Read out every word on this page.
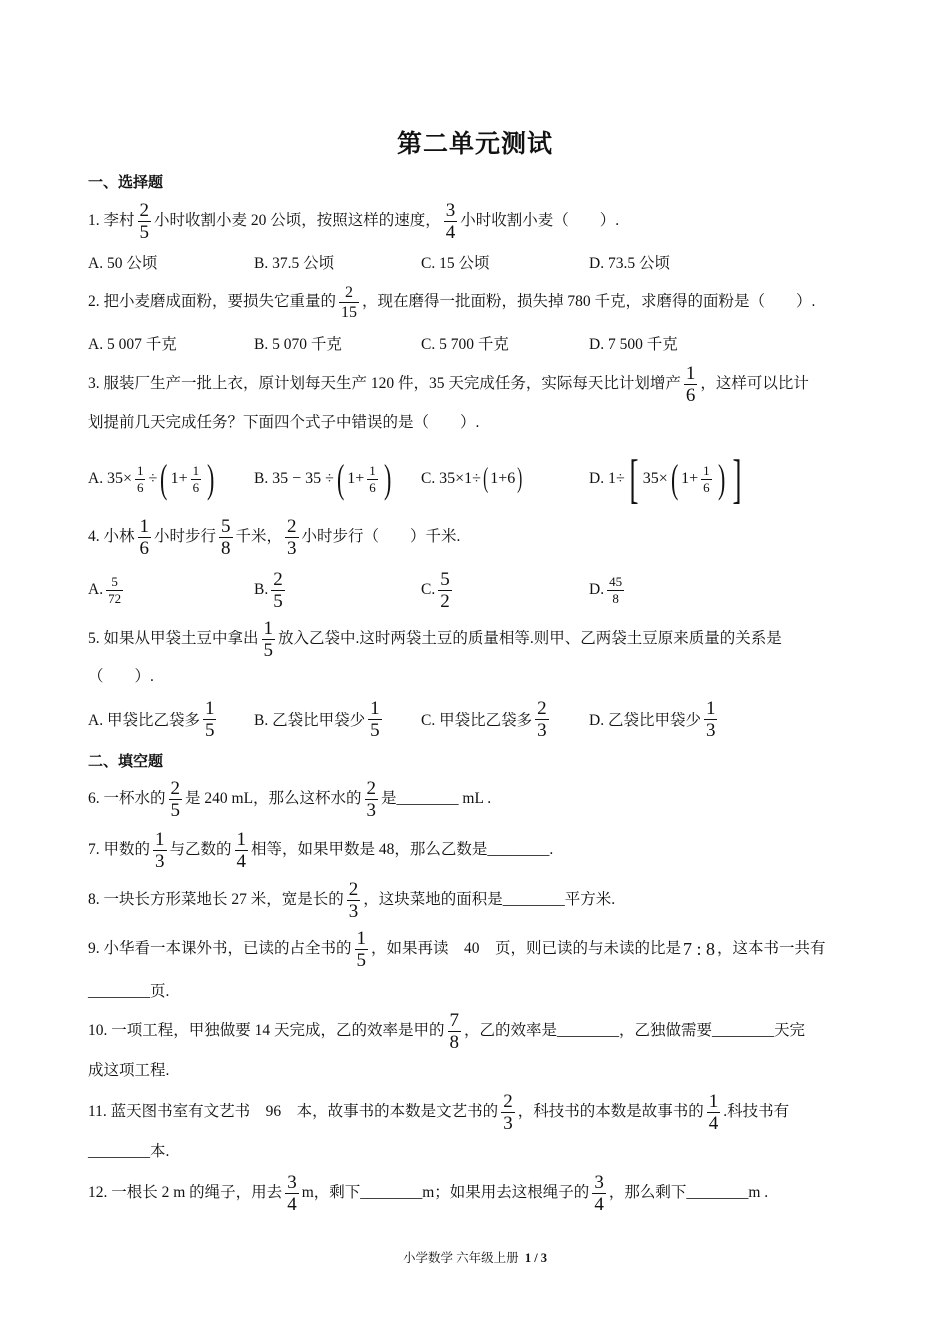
第二单元测试
一、选择题
1. 李村 $\frac{2}{5}$ 小时收割小麦 20 公顷，按照这样的速度， $\frac{3}{4}$ 小时收割小麦（　　）.
A. 50 公顷	B. 37.5 公顷	C. 15 公顷	D. 73.5 公顷
2. 把小麦磨成面粉，要损失它重量的 $\frac{2}{15}$ ，现在磨得一批面粉，损失掉 780 千克，求磨得的面粉是（　　）.
A. 5 007 千克	B. 5 070 千克	C. 5 700 千克	D. 7 500 千克
3. 服装厂生产一批上衣，原计划每天生产 120 件，35 天完成任务，实际每天比计划增产 $\frac{1}{6}$ ，这样可以比计
划提前几天完成任务？下面四个式子中错误的是（　　）.
A.
$35\times \frac{1}{6}$ ÷ ( $1+ \frac{1}{6}$ )	B.
35 − 35 ÷ ( $1+ \frac{1}{6}$ ) C.
35×1÷ ( 1+6 )	D.
1÷ [ 35× ( $1+ \frac{1}{6}$ ) ]
4. 小林 $\frac{1}{6}$ 小时步行 $\frac{5}{8}$ 千米， $\frac{2}{3}$ 小时步行（　　）千米.
A. $\frac{5}{72}$	B. $\frac{2}{5}$	C. $\frac{5}{2}$	D. $\frac{45}{8}$
5. 如果从甲袋土豆中拿出 $\frac{1}{5}$ 放入乙袋中.这时两袋土豆的质量相等.则甲、乙两袋土豆原来质量的关系是
（　　）.
A. 甲袋比乙袋多 $\frac{1}{5} B$. 乙袋比甲袋少 $\frac{1}{5}$	C. 甲袋比乙袋多 $\frac{2}{3}$	D. 乙袋比甲袋少 $\frac{1}{3}$
二、填空题
6. 一杯水的 $\frac{2}{5}$ 是 240 mL，那么这杯水的 $\frac{2}{3}$ 是________ mL .
7. 甲数的 $\frac{1}{3}$ 与乙数的 $\frac{1}{4}$ 相等，如果甲数是 48，那么乙数是________.
8. 一块长方形菜地长 27 米，宽是长的 $\frac{2}{3}$ ，这块菜地的面积是________平方米.
9. 小华看一本课外书，已读的占全书的 $\frac{1}{5}$ ，如果再读　40　页，则已读的与未读的比是 7 : 8 ，这本书一共有
________页.
10. 一项工程，甲独做要 14 天完成，乙的效率是甲的 $\frac{7}{8}$ ，乙的效率是________，乙独做需要________天完
成这项工程.
11. 蓝天图书室有文艺书　96　本，故事书的本数是文艺书的 $\frac{2}{3}$ ，科技书的本数是故事书的 $\frac{1}{4}$ .科技书有
________本.
12. 一根长 2 m 的绳子，用去 $\frac{3}{4}$ m，剩下________m；如果用去这根绳子的 $\frac{3}{4}$ ，那么剩下________m .
小学数学 六年级上册 1 / 3
